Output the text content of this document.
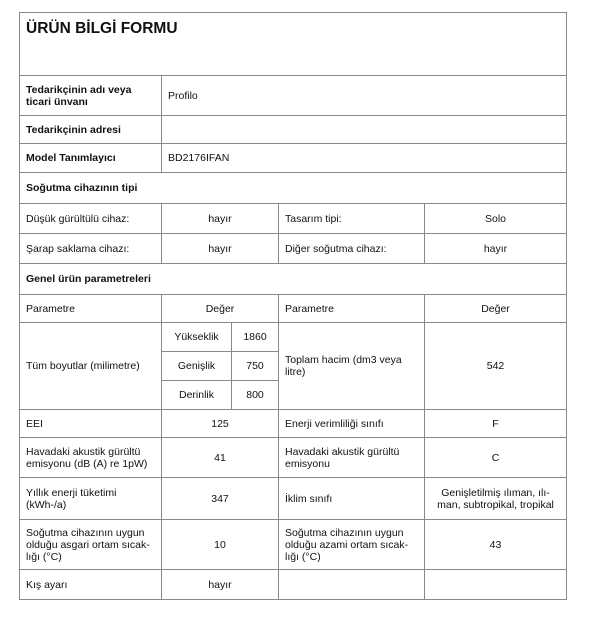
ÜRÜN BİLGİ FORMU				
Tedarikçinin adı veya ticari ünvanı	Profilo			
Tedarikçinin adresi				
Model Tanımlayıcı	BD2176IFAN			
Soğutma cihazının tipi				
Düşük gürültülü cihaz:	hayır		Tasarım tipi:	Solo
Şarap saklama cihazı:	hayır		Diğer soğutma cihazı:	hayır
Genel ürün parametreleri				
Parametre	Değer		Parametre	Değer
Tüm boyutlar (milimetre)	Yükseklik	1860	Toplam hacim (dm3 veya litre)	542
	Genişlik	750		
	Derinlik	800		
EEI	125		Enerji verimliliği sınıfı	F
Havadaki akustik gürültü emisyonu (dB (A) re 1pW)	41		Havadaki akustik gürültü emisyonu	C
Yıllık enerji tüketimi (kWh-/a)	347		İklim sınıfı	Genişletilmiş ılıman, ılı-man, subtropikal, tropikal
Soğutma cihazının uygun olduğu asgari ortam sıcak-lığı (°C)	10		Soğutma cihazının uygun olduğu azami ortam sıcak-lığı (°C)	43
Kış ayarı	hayır			
